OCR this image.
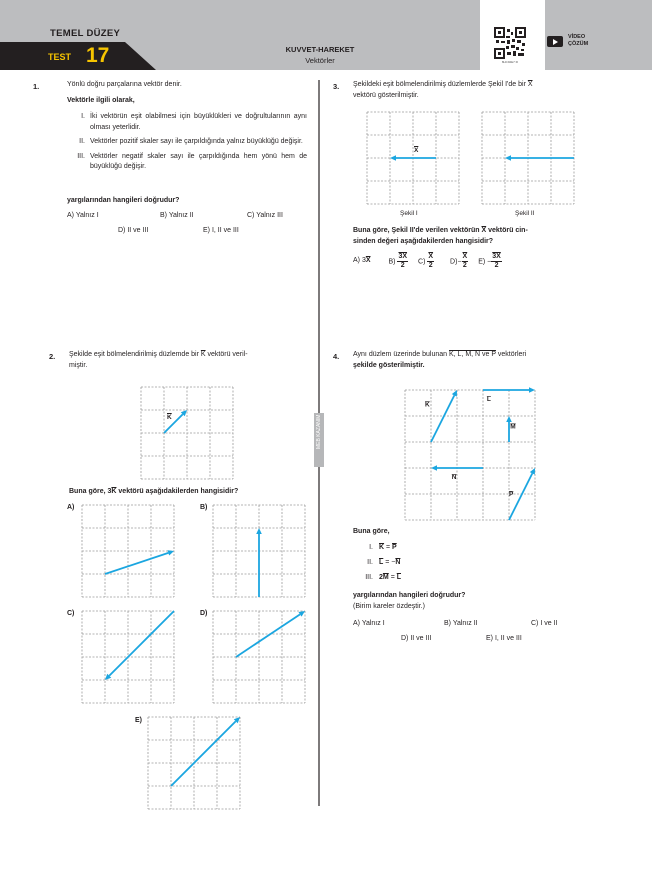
TEMEL DÜZEY
TEST 17	KUVVET-HAREKET
Vektörler	8HC92E7 III
VİDEO
ÇÖZÜM
MEB KAZANIM
1.	Yönlü doğru parçalarına vektör denir.
Vektörle ilgili olarak,
I. İki vektörün eşit olabilmesi için büyüklükleri ve doğrultularının aynı olması yeterlidir.
II. Vektörler pozitif skaler sayı ile çarpıldığında yalnız büyüklüğü değişir.
III. Vektörler negatif skaler sayı ile çarpıldığında hem yönü hem de büyüklüğü değişir.
yargılarından hangileri doğrudur?
A) Yalnız I	B) Yalnız II	C) Yalnız III
D) II ve III	E) I, II ve III
3. Şekildeki eşit bölmelendirilmiş düzlemlerde Şekil I'de bir $\overline{X}$
vektörü gösterilmiştir.
$\overline{X}$
Şekil I	Şekil II
Buna göre, Şekil II'de verilen vektörün $\overline{X}$ vektörü cin-
sinden değeri aşağıdakilerden hangisidir?
A) $3\overline{X}$	$B) \frac{3X}{2} C) \frac{\overline{X}}{2} D)- \frac{\overline{X}}{2} E) - \frac{3X}{2}$
2. Şekilde eşit bölmelendirilmiş düzlemde bir $\overline{K}$ vektörü veril-
miştir.
$\overline{K}$
Buna göre, $3\overline{K}$ vektörü aşağıdakilerden hangisidir?
A)	B)
C)	D)
E)
4. Aynı düzlem üzerinde bulunan K, L, M, N ve P vektörleri
şekilde gösterilmiştir.
K
L
M
N
P
Buna göre,
I. $\overline{K} = \overline{P}$
II. $\overline{L}$ = − $\overline{N}$
III. 2 $\overline{M} = \overline{L}$
yargılarından hangileri doğrudur?
(Birim kareler özdeştir.)
A) Yalnız I	B) Yalnız II	C) I ve II
D) II ve III	E) I, II ve III
